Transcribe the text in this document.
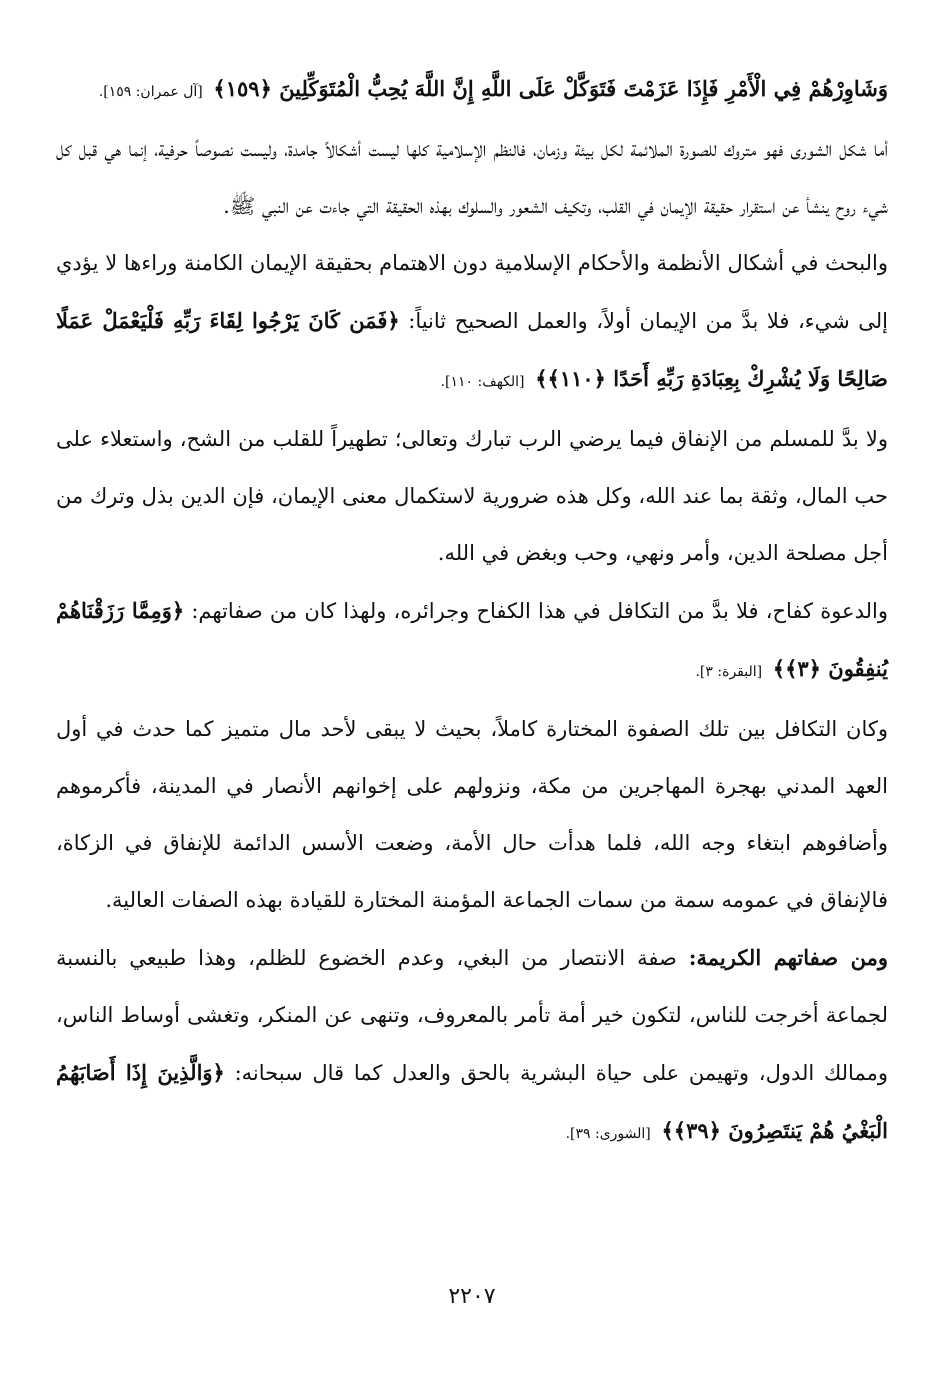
وَشَاوِرْهُمْ فِي الْأَمْرِ فَإِذَا عَزَمْتَ فَتَوَكَّلْ عَلَى اللَّهِ إِنَّ اللَّهَ يُحِبُّ الْمُتَوَكِّلِينَ ﴿١٥٩﴾ [آل عمران: ١٥٩].

أما شكل الشورى فهو متروك للصورة الملائمة لكل بيئة وزمان، فالنظم الإسلامية كلها ليست أشكالاً جامدة، وليست نصوصاً حرفية، إنما هي قبل كل شيء روح ينشأ عن استقرار حقيقة الإيمان في القلب، وتكيف الشعور والسلوك بهذه الحقيقة التي جاءت عن النبي ﷺ.

والبحث في أشكال الأنظمة والأحكام الإسلامية دون الاهتمام بحقيقة الإيمان الكامنة وراءها لا يؤدي إلى شيء، فلا بدَّ من الإيمان أولاً، والعمل الصحيح ثانياً: ﴿فَمَن كَانَ يَرْجُوا لِقَاءَ رَبِّهِ فَلْيَعْمَلْ عَمَلًا صَالِحًا وَلَا يُشْرِكْ بِعِبَادَةِ رَبِّهِ أَحَدًا ﴿١١٠﴾﴾ [الكهف: ١١٠].

ولا بدَّ للمسلم من الإنفاق فيما يرضي الرب تبارك وتعالى؛ تطهيراً للقلب من الشح، واستعلاء على حب المال، وثقة بما عند الله، وكل هذه ضرورية لاستكمال معنى الإيمان، فإن الدين بذل وترك من أجل مصلحة الدين، وأمر ونهي، وحب وبغض في الله.

والدعوة كفاح، فلا بدَّ من التكافل في هذا الكفاح وجرائره، ولهذا كان من صفاتهم: ﴿وَمِمَّا رَزَقْنَاهُمْ يُنفِقُونَ ﴿٣﴾﴾ [البقرة: ٣].

وكان التكافل بين تلك الصفوة المختارة كاملاً، بحيث لا يبقى لأحد مال متميز كما حدث في أول العهد المدني بهجرة المهاجرين من مكة، ونزولهم على إخوانهم الأنصار في المدينة، فأكرموهم وأضافوهم ابتغاء وجه الله، فلما هدأت حال الأمة، وضعت الأسس الدائمة للإنفاق في الزكاة، فالإنفاق في عمومه سمة من سمات الجماعة المؤمنة المختارة للقيادة بهذه الصفات العالية.

ومن صفاتهم الكريمة: صفة الانتصار من البغي، وعدم الخضوع للظلم، وهذا طبيعي بالنسبة لجماعة أخرجت للناس، لتكون خير أمة تأمر بالمعروف، وتنهى عن المنكر، وتغشى أوساط الناس، وممالك الدول، وتهيمن على حياة البشرية بالحق والعدل كما قال سبحانه: ﴿وَالَّذِينَ إِذَا أَصَابَهُمُ الْبَغْيُ هُمْ يَنتَصِرُونَ ﴿٣٩﴾﴾ [الشورى: ٣٩].

٢٢٠٧
